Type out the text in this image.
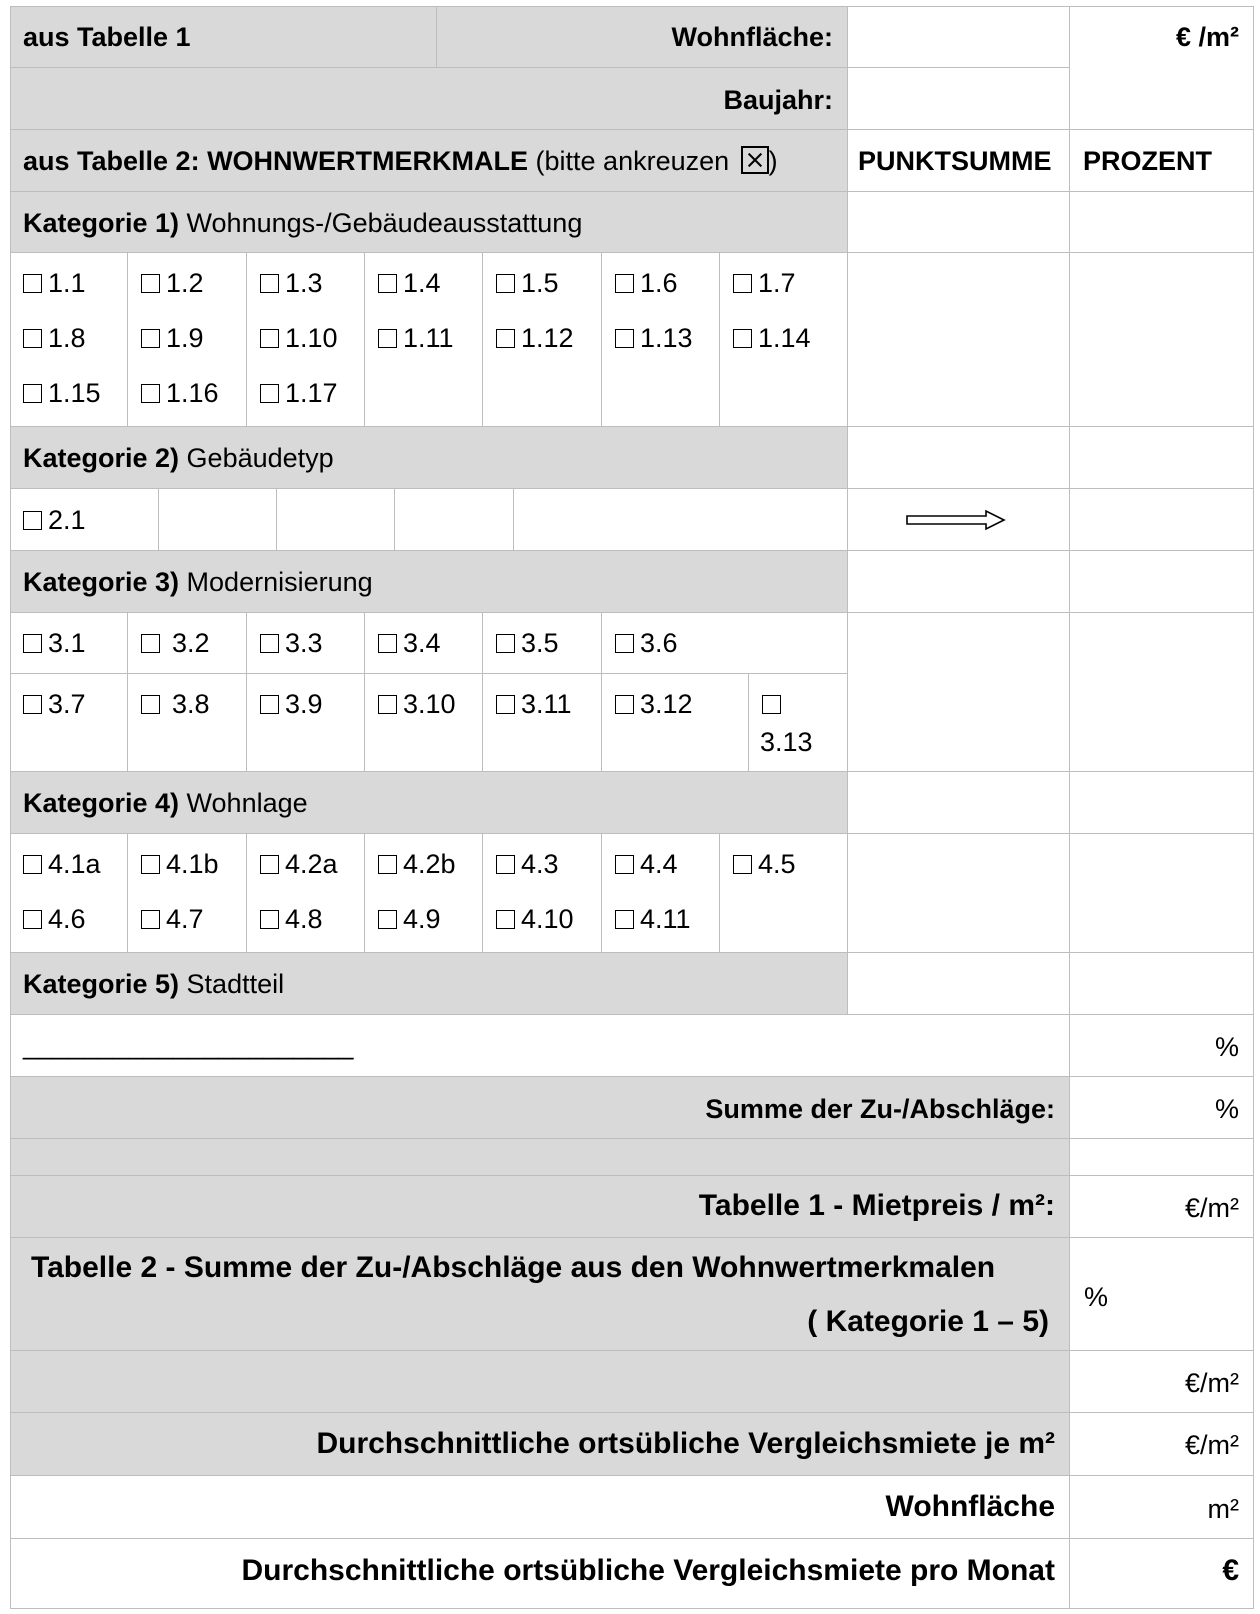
aus Tabelle 1	Wohnfläche:	€ /m²
Baujahr:
aus Tabelle 2: WOHNWERTMERKMALE (bitte ankreuzen )	PUNKTSUMME PROZENT
Kategorie 1) Wohnungs-/Gebäudeausstattung
1.1	1.2	1.3	1.4	1.5	1.6	1.7
1.8	1.9	1.10	1.11	1.12	1.13	1.14
1.15	1.16	1.17
Kategorie 2) Gebäudetyp
2.1
Kategorie 3) Modernisierung
3.1	3.2	3.3	3.4	3.5	3.6
3.7	3.8	3.9	3.10	3.11	3.12
3.13
Kategorie 4) Wohnlage
4.1a	4.1b	4.2a	4.2b	4.3	4.4	4.5
4.6	4.7	4.8	4.9	4.10	4.11
Kategorie 5) Stadtteil
______________________	%
Summe der Zu-/Abschläge:	%
Tabelle 1 - Mietpreis / m²:	€/m²
Tabelle 2 - Summe der Zu-/Abschläge aus den Wohnwertmerkmalen
( Kategorie 1 – 5)
%
€/m²
Durchschnittliche ortsübliche Vergleichsmiete je m²	€/m²
Wohnfläche	m²
Durchschnittliche ortsübliche Vergleichsmiete pro Monat	€
